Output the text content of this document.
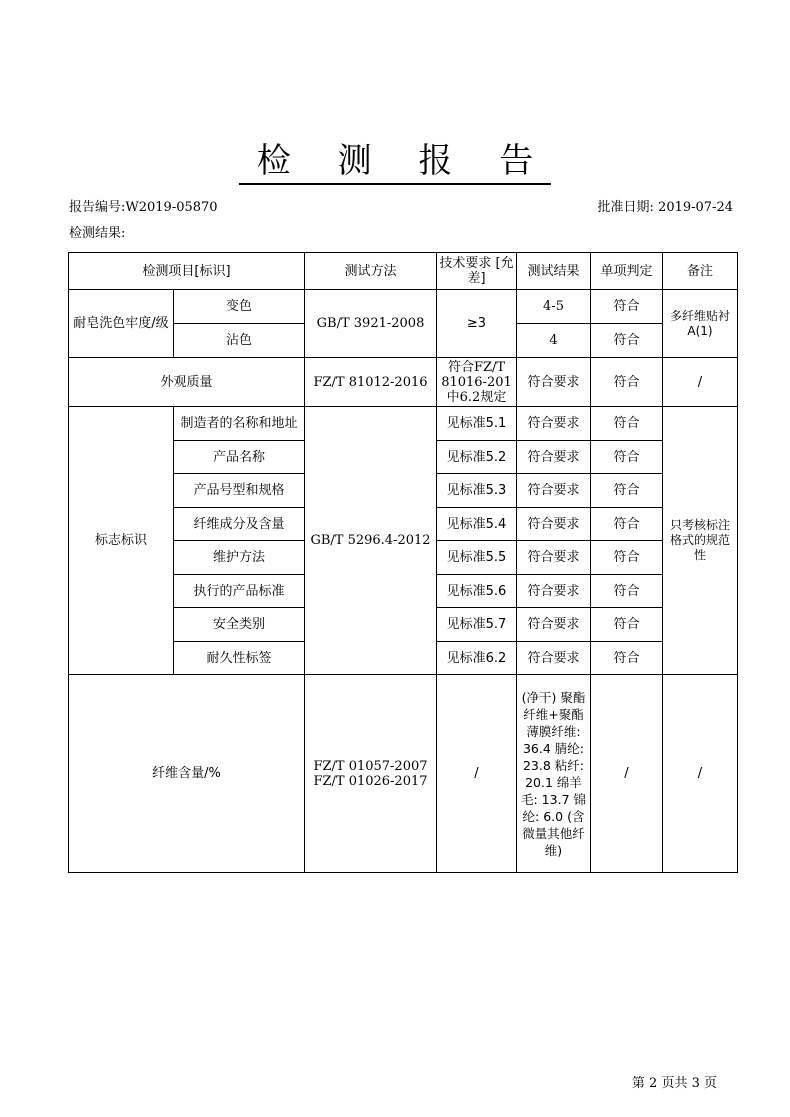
检 测 报 告
报告编号:W2019-05870	批准日期: 2019-07-24
检测结果:
检测项目[标识]		测试方法	技术要求 [允差]	测试结果	单项判定	备注
耐皂洗色牢度/级	变色	GB/T 3921-2008	≥3	4-5	符合	多纤维贴衬 A(1)
	沾色			4	符合	
外观质量		FZ/T 81012-2016	符合FZ/T 81016-201 中6.2规定	符合要求	符合	/
标志标识	制造者的名称和地址	GB/T 5296.4-2012	见标准5.1	符合要求	符合	只考核标注格式的规范性
	产品名称		见标准5.2	符合要求	符合	
	产品号型和规格		见标准5.3	符合要求	符合	
	纤维成分及含量		见标准5.4	符合要求	符合	
	维护方法		见标准5.5	符合要求	符合	
	执行的产品标准		见标准5.6	符合要求	符合	
	安全类别		见标准5.7	符合要求	符合	
	耐久性标签		见标准6.2	符合要求	符合	
纤维含量/%		FZ/T 01057-2007
FZ/T 01026-2017	/	(净干) 聚酯纤维+聚酯薄膜纤维: 36.4 腈纶: 23.8 粘纤: 20.1 绵羊毛: 13.7 锦纶: 6.0 (含微量其他纤维)	/	/
第 2 页共 3 页
